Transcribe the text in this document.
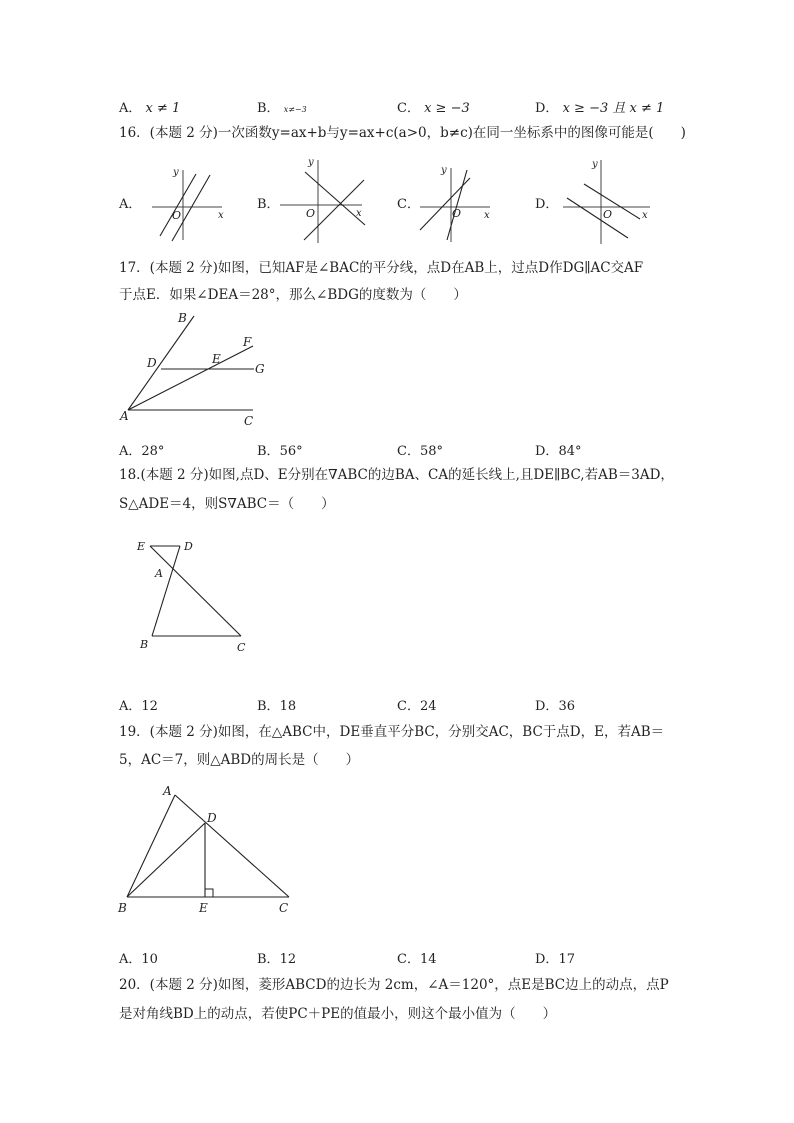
A． x ≠ 1	B． x≠−3	C． x ≥ −3	D． x ≥ −3 且 x ≠ 1
16．(本题 2 分)一次函数y=ax+b与y=ax+c(a>0，b≠c)在同一坐标系中的图像可能是(　　)
A．	B．	C．	D．
x
y
O	x
y
O	x
y
O	x
y
O
17．(本题 2 分)如图，已知AF是∠BAC的平分线，点D在AB上，过点D作DG∥AC交AF
于点E．如果∠DEA＝28°，那么∠BDG的度数为（　　）
B
D	E
F
G
A	C
A．28°	B．56°	C．58°	D．84°
18.(本题 2 分)如图,点D、E分别在∇ABC的边BA、CA的延长线上,且DE∥BC,若AB＝3AD，
S△ADE＝4，则S∇ABC＝（　　）
E	D
A
B	C
A．12	B．18	C．24	D．36
19．(本题 2 分)如图，在△ABC中，DE垂直平分BC，分别交AC，BC于点D，E，若AB＝
5，AC＝7，则△ABD的周长是（　　）
A
D
B	E	C
A．10	B．12	C．14	D．17
20．(本题 2 分)如图，菱形ABCD的边长为 2cm，∠A＝120°，点E是BC边上的动点，点P
是对角线BD上的动点，若使PC＋PE的值最小，则这个最小值为（　　）
